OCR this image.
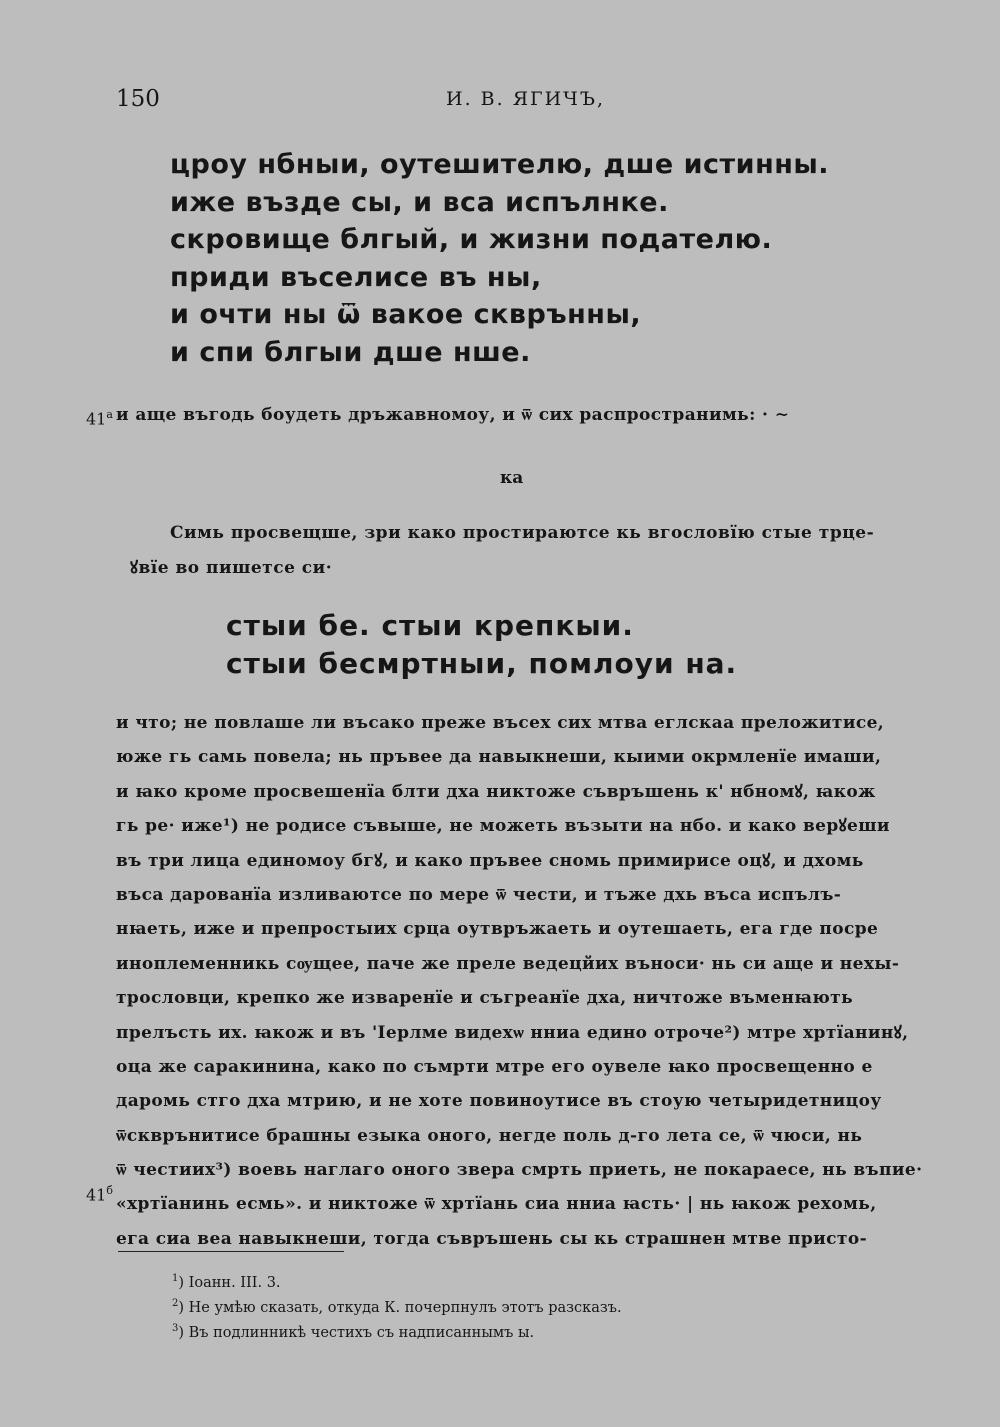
150	И. В. ЯГИЧЪ,
цроу нбныи, оутешителю, дше истинны.
иже възде сы, и вса испълнке.
скровище блгый, и жизни подателю.
приди въселисе въ ны,
и очти ны ѿ вакое скврънны,
и спи блгыи дше нше.
$41^а$ и аще въгодь боудеть дръжавномоу, и ѿ сих распространимь: · ∼
ка
Симь просвещше, зри како простираютсе кь вгословїю стые трце-
ꙋвїе во пишетсе си·
стыи бе. стыи крепкыи.
стыи бесмртныи, помлоуи на.
и что; не повлаше ли въсако преже въсех сих мтва еглскаа прелoжитисе,
юже гь самь повела; нь пръвее да навыкнеши, кыими окрмленїе имаши,
и ꙗко кроме просвешенїа блти дха никтоже съвръшень к' нбномꙋ, ꙗкож
гь ре· иже¹) не родисе съвыше, не можеть възыти на нбо. и како верꙋеши
въ три лица единомоу бгꙋ, и како пръвее снoмь примирисе оцꙋ, и дхомь
въса дарованїа изливаютсе по мере ѿ чести, и тъже дхь въса испълъ-
нꙗеть, иже и препростыих срца оутвръжаеть и оутешаеть, егa где посре
иноплеменникь сѹщее, паче же прелe ведецйих въноси· нь си аще и нехы-
трословци, крепко же изваренїе и съгреанїе дха, ничтоже въменꙗють
прелъсть их. ꙗкож и въ 'Iерлме видехѡ нниа едино отроче²) мтре хртїанинꙋ,
оца же саракинина, како по съмрти мтре его оувеле ꙗко просвещенно е
даромь стго дха мтрию, и не хоте повиноутисе въ стоую четыридетницоу
ѿскврънитисе брашны езыка оного, негде поль д-го лета се, ѿ чюси, нь
ѿ честиих³) воевь наглаго оного зверa смрть приеть, не покараесе, нь въпие·
«хртїанинь есмь». и никтоже ѿ хртїань сиа нниа ꙗсть· | нь ꙗкож рехомь,
ега сиа веа навыкнеши, тогда съвръшень сы кь страшнен мтве присто-
$41^б$
$^1$) Іоанн. III. 3.
$^2$) Не умѣю сказать, откуда К. почерпнулъ этотъ разсказъ.
$^3$) Въ подлинникѣ честихъ съ надписаннымъ ы.
